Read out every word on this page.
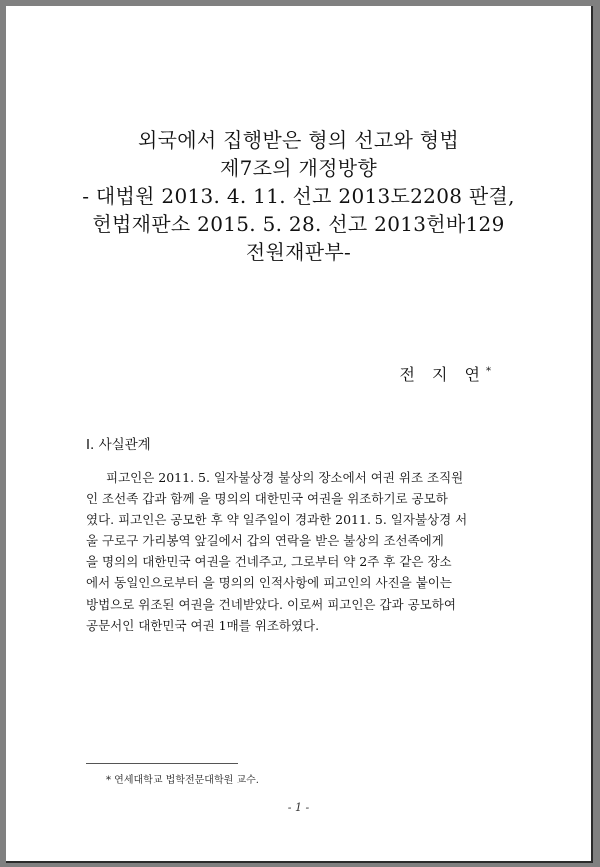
외국에서 집행받은 형의 선고와 형법
제7조의 개정방향
- 대법원 2013. 4. 11. 선고 2013도2208 판결,
헌법재판소 2015. 5. 28. 선고 2013헌바129
전원재판부-
전 지 연*
I. 사실관계
피고인은 2011. 5. 일자불상경 불상의 장소에서 여권 위조 조직원
인 조선족 갑과 함께 을 명의의 대한민국 여권을 위조하기로 공모하
였다. 피고인은 공모한 후 약 일주일이 경과한 2011. 5. 일자불상경 서
울 구로구 가리봉역 앞길에서 갑의 연락을 받은 불상의 조선족에게
을 명의의 대한민국 여권을 건네주고, 그로부터 약 2주 후 같은 장소
에서 동일인으로부터 을 명의의 인적사항에 피고인의 사진을 붙이는
방법으로 위조된 여권을 건네받았다. 이로써 피고인은 갑과 공모하여
공문서인 대한민국 여권 1매를 위조하였다.
* 연세대학교 법학전문대학원 교수.
- 1 -
